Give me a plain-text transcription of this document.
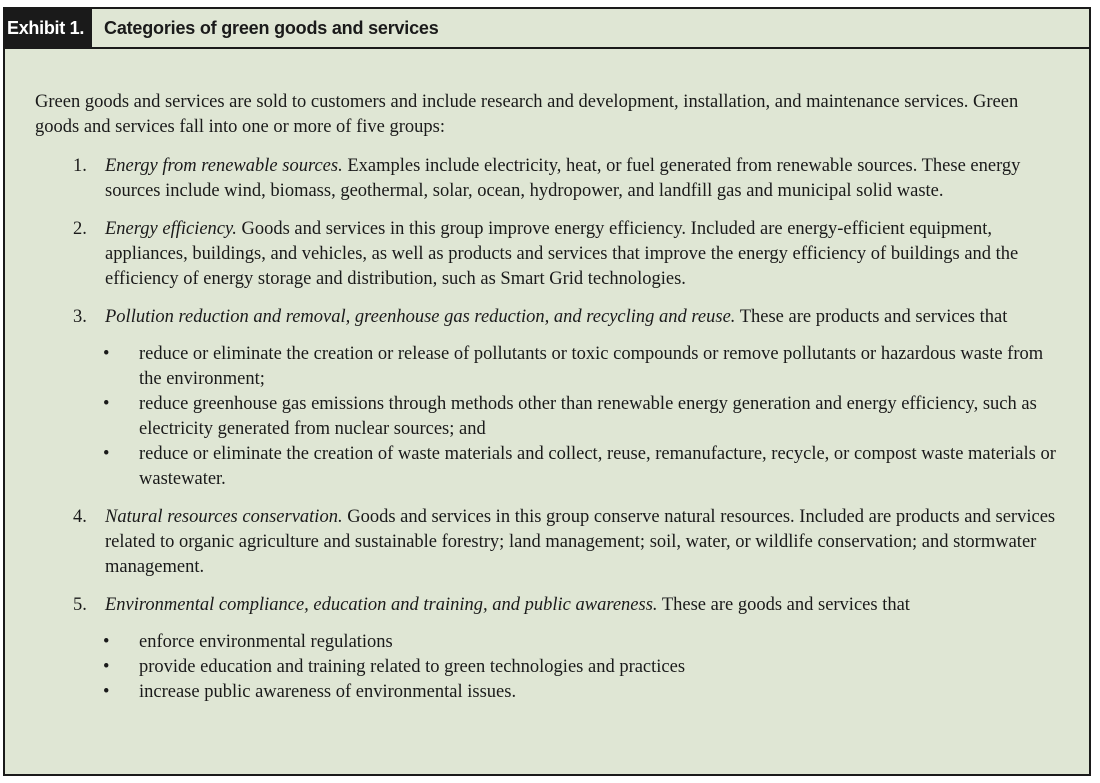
Exhibit 1.	Categories of green goods and services

Green goods and services are sold to customers and include research and development, installation, and maintenance services. Green goods and services fall into one or more of five groups:

1. Energy from renewable sources. Examples include electricity, heat, or fuel generated from renewable sources. These energy sources include wind, biomass, geothermal, solar, ocean, hydropower, and landfill gas and municipal solid waste.
2. Energy efficiency. Goods and services in this group improve energy efficiency. Included are energy-efficient equipment, appliances, buildings, and vehicles, as well as products and services that improve the energy efficiency of buildings and the efficiency of energy storage and distribution, such as Smart Grid technologies.
3. Pollution reduction and removal, greenhouse gas reduction, and recycling and reuse. These are products and services that
•	reduce or eliminate the creation or release of pollutants or toxic compounds or remove pollutants or hazardous waste from the environment;
•	reduce greenhouse gas emissions through methods other than renewable energy generation and energy efficiency, such as electricity generated from nuclear sources; and
•	reduce or eliminate the creation of waste materials and collect, reuse, remanufacture, recycle, or compost waste materials or wastewater.
4. Natural resources conservation. Goods and services in this group conserve natural resources. Included are products and services related to organic agriculture and sustainable forestry; land management; soil, water, or wildlife conservation; and stormwater management.
5. Environmental compliance, education and training, and public awareness. These are goods and services that
•	enforce environmental regulations
•	provide education and training related to green technologies and practices
•	increase public awareness of environmental issues.
